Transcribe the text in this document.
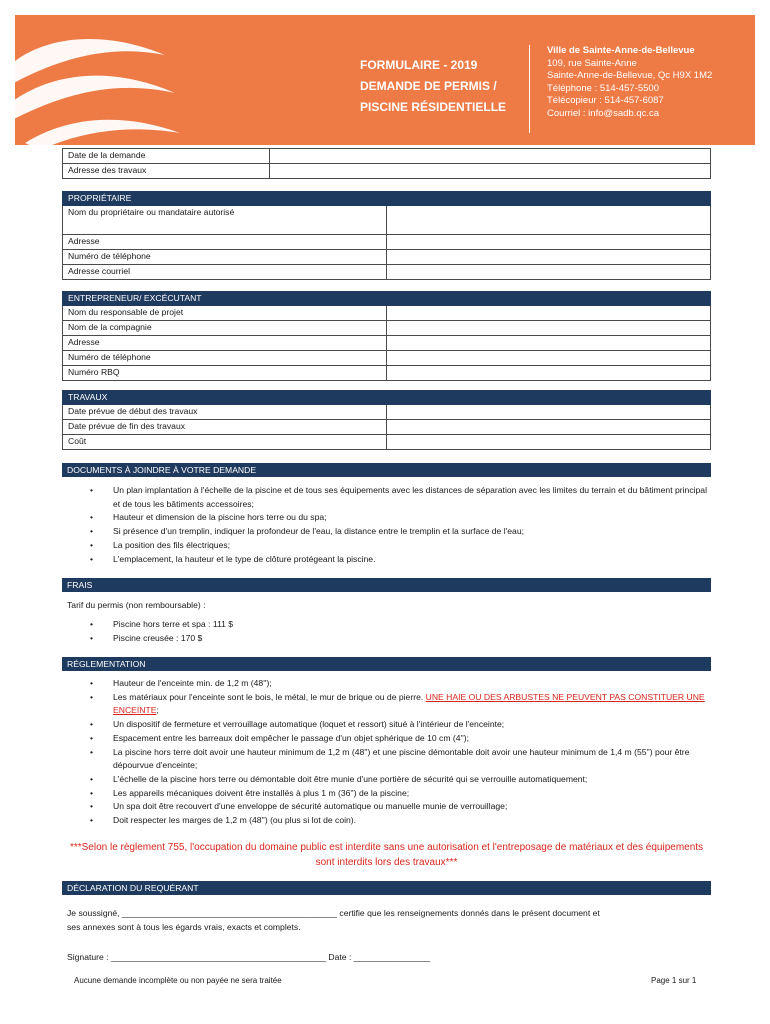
FORMULAIRE - 2019
DEMANDE DE PERMIS /
PISCINE RÉSIDENTIELLE
Ville de Sainte-Anne-de-Bellevue
109, rue Sainte-Anne
Sainte-Anne-de-Bellevue, Qc H9X 1M2
Téléphone : 514-457-5500
Télécopieur : 514-457-6087
Courriel : info@sadb.qc.ca
Date de la demande	
Adresse des travaux	
PROPRIÉTAIRE	
Nom du propriétaire ou mandataire autorisé	
Adresse	
Numéro de téléphone	
Adresse courriel	
ENTREPRENEUR/ EXCÉCUTANT	
Nom du responsable de projet	
Nom de la compagnie	
Adresse	
Numéro de téléphone	
Numéro RBQ	
TRAVAUX	
Date prévue de début des travaux	
Date prévue de fin des travaux	
Coût	
DOCUMENTS À JOINDRE À VOTRE DEMANDE
• Un plan implantation à l'échelle de la piscine et de tous ses équipements avec les distances de séparation avec les limites du terrain et du bâtiment principal et de tous les bâtiments accessoires;
• Hauteur et dimension de la piscine hors terre ou du spa;
• Si présence d'un tremplin, indiquer la profondeur de l'eau, la distance entre le tremplin et la surface de l'eau;
• La position des fils électriques;
• L'emplacement, la hauteur et le type de clôture protégeant la piscine.
FRAIS
Tarif du permis (non remboursable) :
• Piscine hors terre et spa : 111 $
• Piscine creusée : 170 $
RÉGLEMENTATION
• Hauteur de l'enceinte min. de 1,2 m (48'');
• Les matériaux pour l'enceinte sont le bois, le métal, le mur de brique ou de pierre. UNE HAIE OU DES ARBUSTES NE PEUVENT PAS CONSTITUER UNE ENCEINTE;
• Un dispositif de fermeture et verrouillage automatique (loquet et ressort) situé à l'intérieur de l'enceinte;
• Espacement entre les barreaux doit empêcher le passage d'un objet sphérique de 10 cm (4'');
• La piscine hors terre doit avoir une hauteur minimum de 1,2 m (48'') et une piscine démontable doit avoir une hauteur minimum de 1,4 m (55'') pour être dépourvue d'enceinte;
• L'échelle de la piscine hors terre ou démontable doit être munie d'une portière de sécurité qui se verrouille automatiquement;
• Les appareils mécaniques doivent être installés à plus 1 m (36'') de la piscine;
• Un spa doit être recouvert d'une enveloppe de sécurité automatique ou manuelle munie de verrouillage;
• Doit respecter les marges de 1,2 m (48'') (ou plus si lot de coin).
***Selon le règlement 755, l'occupation du domaine public est interdite sans une autorisation et l'entreposage de matériaux et des équipements sont interdits lors des travaux***
DÉCLARATION DU REQUÉRANT
Je soussigné, _____________________________________________ certifie que les renseignements donnés dans le présent document et
ses annexes sont à tous les égards vrais, exacts et complets.
Signature : _____________________________________________ Date : ________________
Aucune demande incomplète ou non payée ne sera traitée	Page 1 sur 1
